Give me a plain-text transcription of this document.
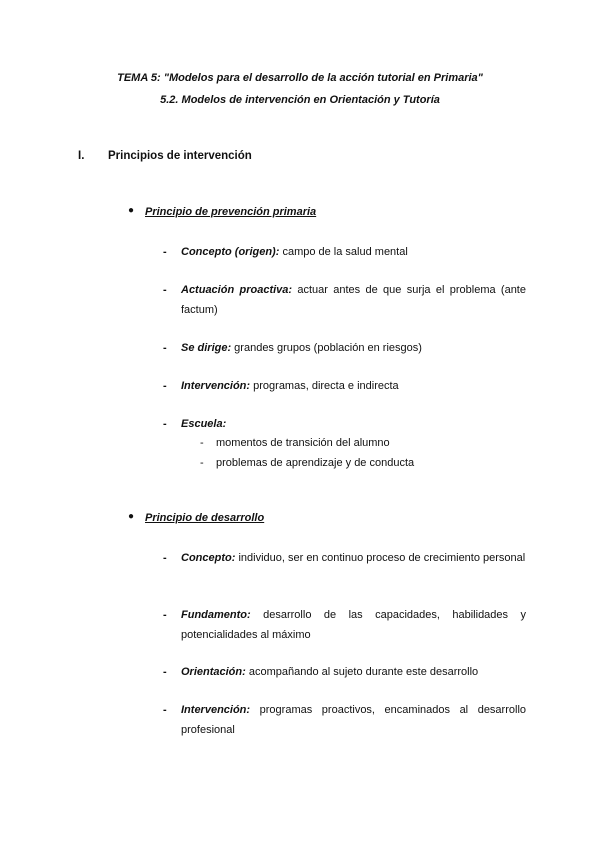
TEMA 5: "Modelos para el desarrollo de la acción tutorial en Primaria"
5.2. Modelos de intervención en Orientación y Tutoría
I. Principios de intervención
● Principio de prevención primaria
- Concepto (origen): campo de la salud mental
- Actuación proactiva: actuar antes de que surja el problema (ante factum)
- Se dirige: grandes grupos (población en riesgos)
- Intervención: programas, directa e indirecta
- Escuela:
- momentos de transición del alumno
- problemas de aprendizaje y de conducta
● Principio de desarrollo
- Concepto: individuo, ser en continuo proceso de crecimiento personal
- Fundamento: desarrollo de las capacidades, habilidades y potencialidades al máximo
- Orientación: acompañando al sujeto durante este desarrollo
- Intervención: programas proactivos, encaminados al desarrollo profesional
